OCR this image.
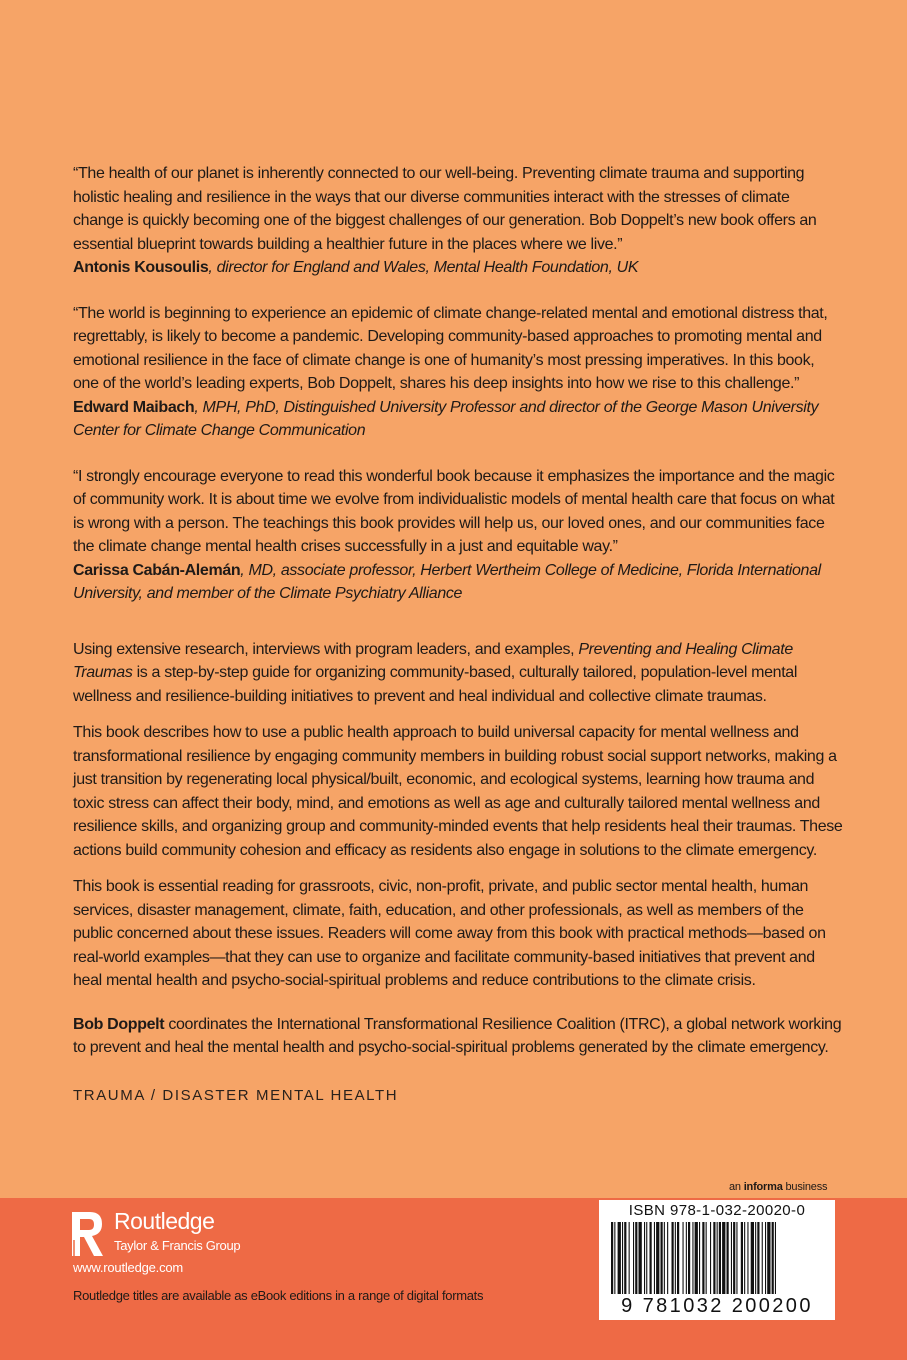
“The health of our planet is inherently connected to our well-being. Preventing climate trauma and supporting holistic healing and resilience in the ways that our diverse communities interact with the stresses of climate change is quickly becoming one of the biggest challenges of our generation. Bob Doppelt’s new book offers an essential blueprint towards building a healthier future in the places where we live.”

Antonis Kousoulis, director for England and Wales, Mental Health Foundation, UK

“The world is beginning to experience an epidemic of climate change-related mental and emotional distress that, regrettably, is likely to become a pandemic. Developing community-based approaches to promoting mental and emotional resilience in the face of climate change is one of humanity’s most pressing imperatives. In this book, one of the world’s leading experts, Bob Doppelt, shares his deep insights into how we rise to this challenge.”

Edward Maibach, MPH, PhD, Distinguished University Professor and director of the George Mason University Center for Climate Change Communication

“I strongly encourage everyone to read this wonderful book because it emphasizes the importance and the magic of community work. It is about time we evolve from individualistic models of mental health care that focus on what is wrong with a person. The teachings this book provides will help us, our loved ones, and our communities face the climate change mental health crises successfully in a just and equitable way.”

Carissa Cabán-Alemán, MD, associate professor, Herbert Wertheim College of Medicine, Florida International University, and member of the Climate Psychiatry Alliance

Using extensive research, interviews with program leaders, and examples, Preventing and Healing Climate Traumas is a step-by-step guide for organizing community-based, culturally tailored, population-level mental wellness and resilience-building initiatives to prevent and heal individual and collective climate traumas.

This book describes how to use a public health approach to build universal capacity for mental wellness and transformational resilience by engaging community members in building robust social support networks, making a just transition by regenerating local physical/built, economic, and ecological systems, learning how trauma and toxic stress can affect their body, mind, and emotions as well as age and culturally tailored mental wellness and resilience skills, and organizing group and community-minded events that help residents heal their traumas. These actions build community cohesion and efficacy as residents also engage in solutions to the climate emergency.

This book is essential reading for grassroots, civic, non-profit, private, and public sector mental health, human services, disaster management, climate, faith, education, and other professionals, as well as members of the public concerned about these issues. Readers will come away from this book with practical methods—based on real-world examples—that they can use to organize and facilitate community-based initiatives that prevent and heal mental health and psycho-social-spiritual problems and reduce contributions to the climate crisis.

Bob Doppelt coordinates the International Transformational Resilience Coalition (ITRC), a global network working to prevent and heal the mental health and psycho-social-spiritual problems generated by the climate emergency.
TRAUMA / DISASTER MENTAL HEALTH
an informa business
Routledge
Taylor & Francis Group
www.routledge.com
Routledge titles are available as eBook editions in a range of digital formats
ISBN 978-1-032-20020-0
9 781032 200200
